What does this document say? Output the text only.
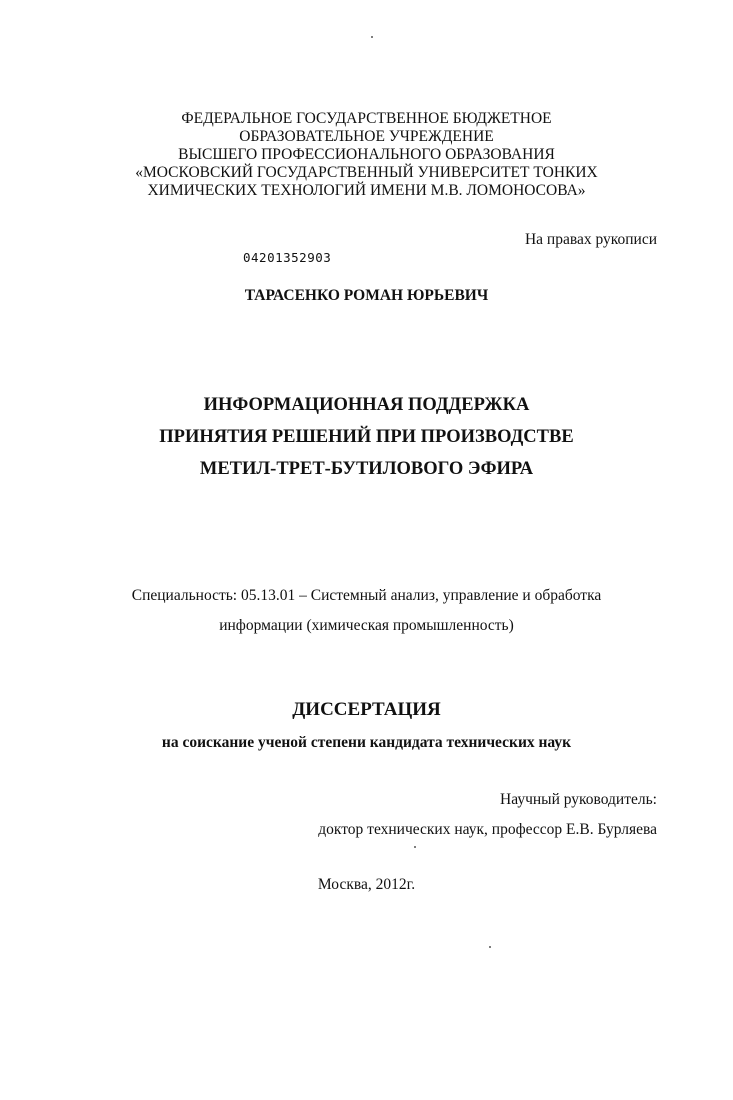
ФЕДЕРАЛЬНОЕ ГОСУДАРСТВЕННОЕ БЮДЖЕТНОЕ
ОБРАЗОВАТЕЛЬНОЕ УЧРЕЖДЕНИЕ
ВЫСШЕГО ПРОФЕССИОНАЛЬНОГО ОБРАЗОВАНИЯ
«МОСКОВСКИЙ ГОСУДАРСТВЕННЫЙ УНИВЕРСИТЕТ ТОНКИХ
ХИМИЧЕСКИХ ТЕХНОЛОГИЙ ИМЕНИ М.В. ЛОМОНОСОВА»
На правах рукописи
04201352903
ТАРАСЕНКО РОМАН ЮРЬЕВИЧ
ИНФОРМАЦИОННАЯ ПОДДЕРЖКА
ПРИНЯТИЯ РЕШЕНИЙ ПРИ ПРОИЗВОДСТВЕ
МЕТИЛ-ТРЕТ-БУТИЛОВОГО ЭФИРА
Специальность: 05.13.01 – Системный анализ, управление и обработка
информации (химическая промышленность)
ДИССЕРТАЦИЯ
на соискание ученой степени кандидата технических наук
Научный руководитель:
доктор технических наук, профессор Е.В. Бурляева
Москва, 2012г.
